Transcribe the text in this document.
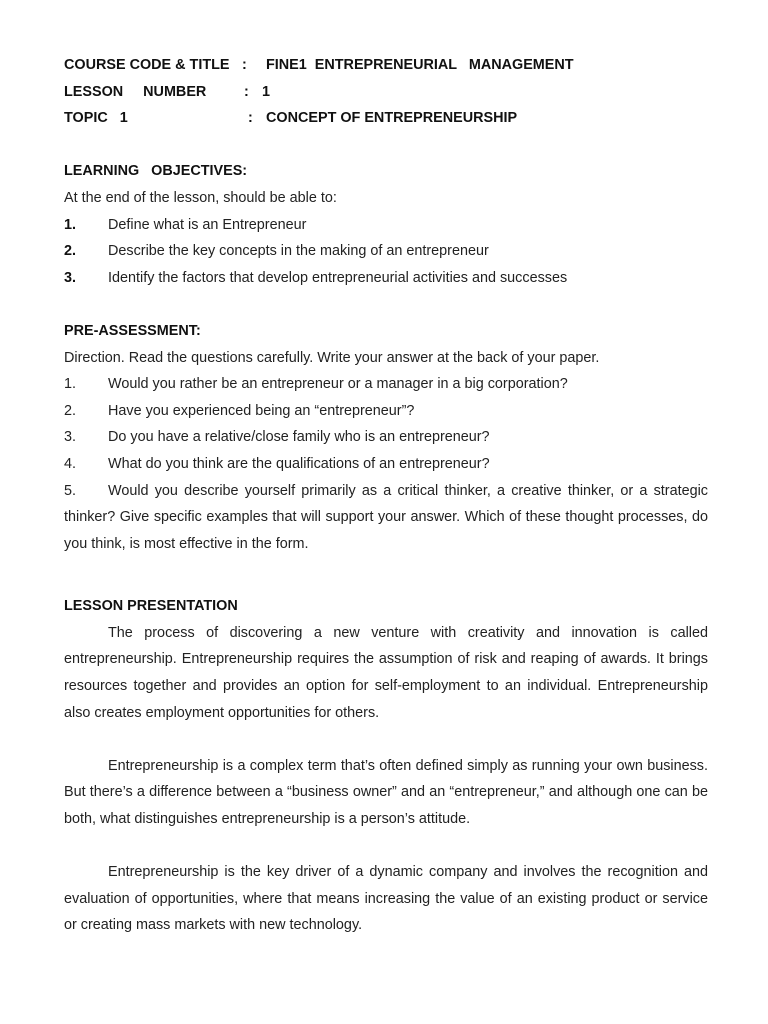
COURSE CODE & TITLE :	FINE1  ENTREPRENEURIAL   MANAGEMENT
LESSON     NUMBER	: 1
TOPIC   1	: CONCEPT OF ENTREPRENEURSHIP
LEARNING   OBJECTIVES:
At the end of the lesson, should be able to:
1.	Define what is an Entrepreneur
2.	Describe the key concepts in the making of an entrepreneur
3.	Identify the factors that develop entrepreneurial activities and successes
PRE-ASSESSMENT:
Direction. Read the questions carefully. Write your answer at the back of your paper.
1.	Would you rather be an entrepreneur or a manager in a big corporation?
2.	Have you experienced being an “entrepreneur”?
3.	Do you have a relative/close family who is an entrepreneur?
4.	What do you think are the qualifications of an entrepreneur?

5. Would you describe yourself primarily as a critical thinker, a creative thinker, or a strategic thinker? Give specific examples that will support your answer. Which of these thought processes, do you think, is most effective in the form.

LESSON PRESENTATION

The process of discovering a new venture with creativity and innovation is called entrepreneurship. Entrepreneurship requires the assumption of risk and reaping of awards. It brings resources together and provides an option for self-employment to an individual. Entrepreneurship also creates employment opportunities for others.

Entrepreneurship is a complex term that’s often defined simply as running your own business. But there’s a difference between a “business owner” and an “entrepreneur,” and although one can be both, what distinguishes entrepreneurship is a person’s attitude.

Entrepreneurship is the key driver of a dynamic company and involves the recognition and evaluation of opportunities, where that means increasing the value of an existing product or service or creating mass markets with new technology.
